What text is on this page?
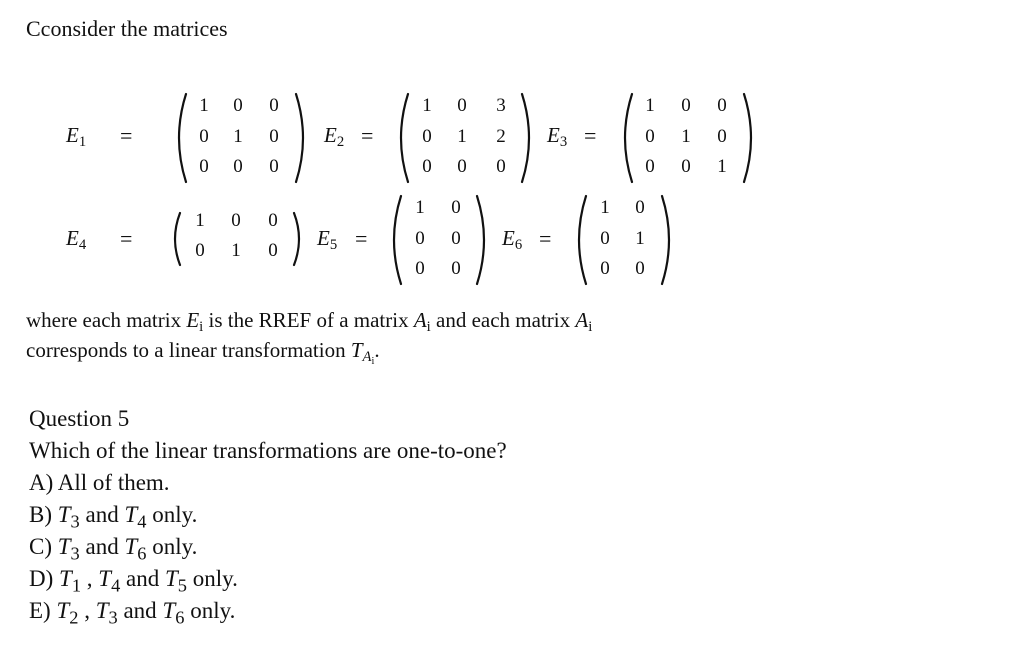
Cconsider the matrices
$E_1$ =
1 0 0
0 1 0
0 0 0
$E_2$ =
1 0 3
0 1 2
0 0 0
$E_3$ =
1 0 0
0 1 0
0 0 1
$E_4$ =
1 0 0
0 1 0
$E_5$ =
1 0
0 0
0 0
$E_6$ =
1 0
0 1
0 0
where each matrix $E_i$ is the RREF of a matrix $A_i$ and each matrix $A_i$
corresponds to a linear transformation $T_{A_i}$.
Question 5
Which of the linear transformations are one-to-one?
A) All of them.
B) $T_3$ and $T_4$ only.
C) $T_3$ and $T_6$ only.
D) $T_1$ , $T_4$ and $T_5$ only.
E) $T_2$ , $T_3$ and $T_6$ only.
